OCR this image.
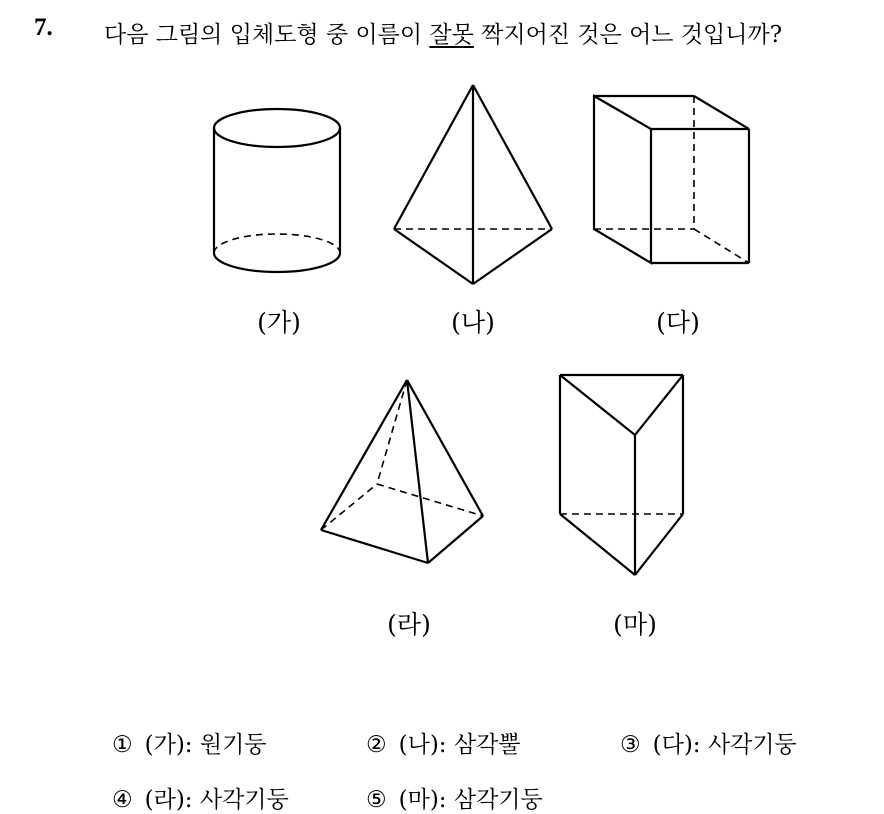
7. 다음 그림의 입체도형 중 이름이 잘못 짝지어진 것은 어느 것입니까?
(가)	(나)	(다)
(라)	(마)
① (가): 원기둥	② (나): 삼각뿔	③ (다): 사각기둥
④ (라): 사각기둥	⑤ (마): 삼각기둥
